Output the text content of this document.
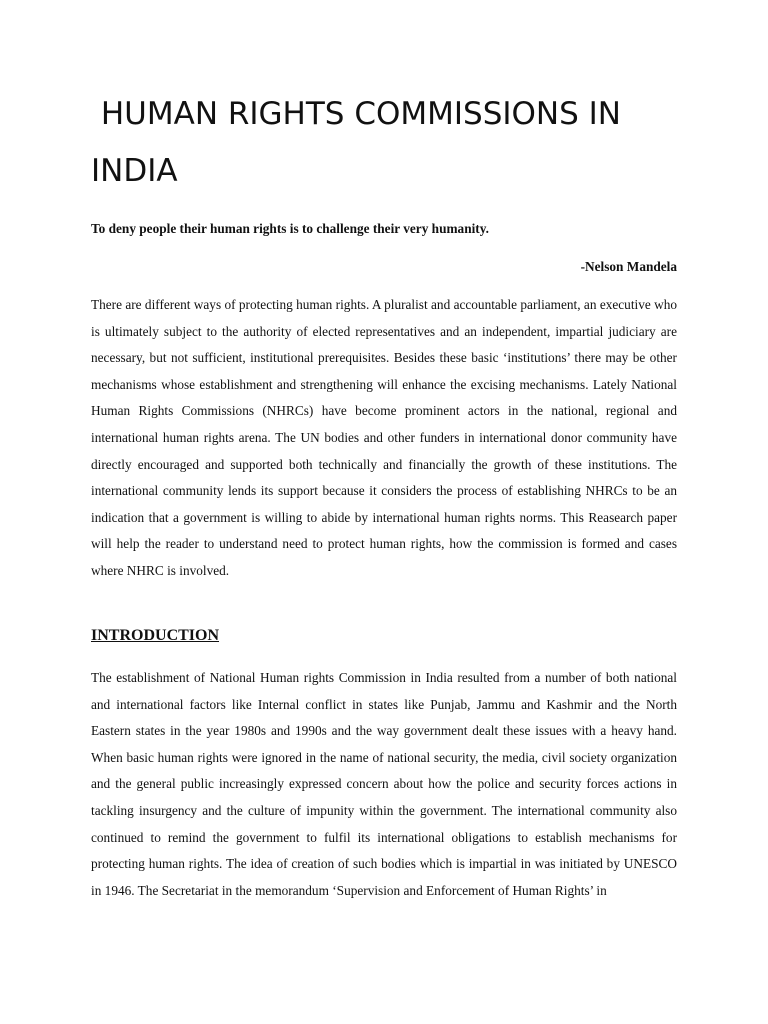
HUMAN RIGHTS COMMISSIONS IN INDIA

To deny people their human rights is to challenge their very humanity.

-Nelson Mandela

There are different ways of protecting human rights. A pluralist and accountable parliament, an executive who is ultimately subject to the authority of elected representatives and an independent, impartial judiciary are necessary, but not sufficient, institutional prerequisites. Besides these basic ‘institutions’ there may be other mechanisms whose establishment and strengthening will enhance the excising mechanisms. Lately National Human Rights Commissions (NHRCs) have become prominent actors in the national, regional and international human rights arena. The UN bodies and other funders in international donor community have directly encouraged and supported both technically and financially the growth of these institutions. The international community lends its support because it considers the process of establishing NHRCs to be an indication that a government is willing to abide by international human rights norms. This Reasearch paper will help the reader to understand need to protect human rights, how the commission is formed and cases where NHRC is involved.

INTRODUCTION

The establishment of National Human rights Commission in India resulted from a number of both national and international factors like Internal conflict in states like Punjab, Jammu and Kashmir and the North Eastern states in the year 1980s and 1990s and the way government dealt these issues with a heavy hand. When basic human rights were ignored in the name of national security, the media, civil society organization and the general public increasingly expressed concern about how the police and security forces actions in tackling insurgency and the culture of impunity within the government. The international community also continued to remind the government to fulfil its international obligations to establish mechanisms for protecting human rights. The idea of creation of such bodies which is impartial in was initiated by UNESCO in 1946. The Secretariat in the memorandum ‘Supervision and Enforcement of Human Rights’ in
